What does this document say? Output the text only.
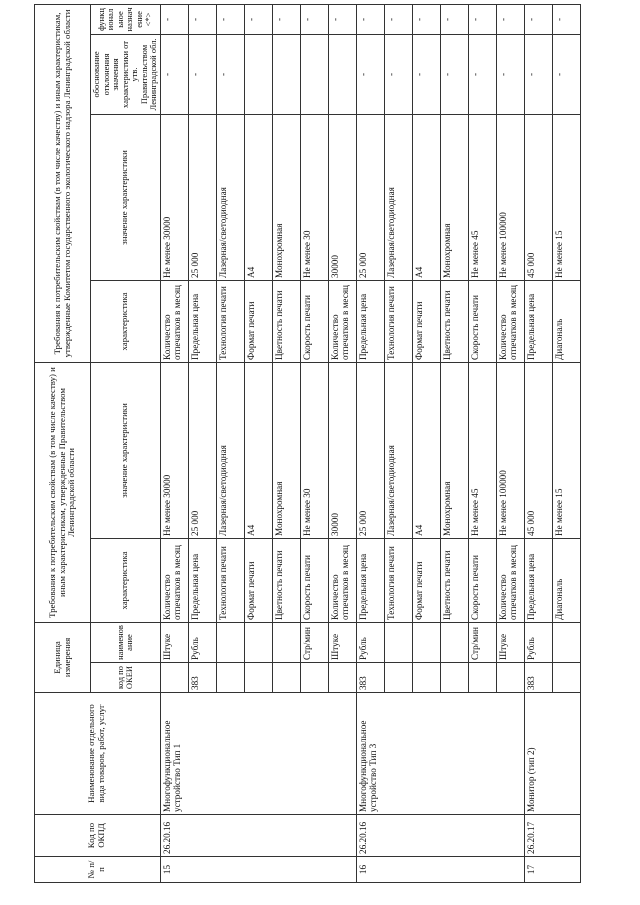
№ п/п	Код по ОКПД	Наименование отдельного вида товаров, работ, услуг	Единица измерения		Требования к потребительским свойствам (в том числе качеству) и иным характеристикам, утвержденные Правительством Ленинградской области		Требования к потребительским свойствам (в том числе качеству) и иным характеристикам, утвержденные Комитетом государственного экологического надзора Ленинградской области			
			код по ОКЕИ	наименование	характеристика	значение характеристики	характеристика	значение характеристики	обоснование отклонения значения характеристики от утв. Правительством Ленинградской обл.	функциональное назначение <*>
15	26.20.16	Многофункциональное устройство Тип 1		Штуке	Количество отпечатков в месяц	Не менее 30000	Количество отпечатков в месяц	Не менее 30000	-	-
			383	Рубль	Предельная цена	25 000	Предельная цена	25 000	-	-
					Технология печати	Лазерная/светодиодная	Технология печати	Лазерная/светодиодная	-	-
					Формат печати	А4	Формат печати	А4		-
					Цветность печати	Монохромная	Цветность печати	Монохромная		-
				Стр/мин	Скорость печати	Не менее 30	Скорость печати	Не менее 30		-
				Штуке	Количество отпечатков в месяц	30000	Количество отпечатков в месяц	30000		-
16	26.20.16	Многофункциональное устройство Тип 3	383	Рубль	Предельная цена	25 000	Предельная цена	25 000	-	-
					Технология печати	Лазерная/светодиодная	Технология печати	Лазерная/светодиодная	-	-
					Формат печати	А4	Формат печати	А4	-	-
					Цветность печати	Монохромная	Цветность печати	Монохромная	-	-
				Стр/мин	Скорость печати	Не менее 45	Скорость печати	Не менее 45	-	-
				Штуке	Количество отпечатков в месяц	Не менее 100000	Количество отпечатков в месяц	Не менее 100000	-	-
17	26.20.17	Монитор (тип 2)	383	Рубль	Предельная цена	45 000	Предельная цена	45 000	-	-
					Диагональ	Не менее 15	Диагональ	Не менее 15	-	-
